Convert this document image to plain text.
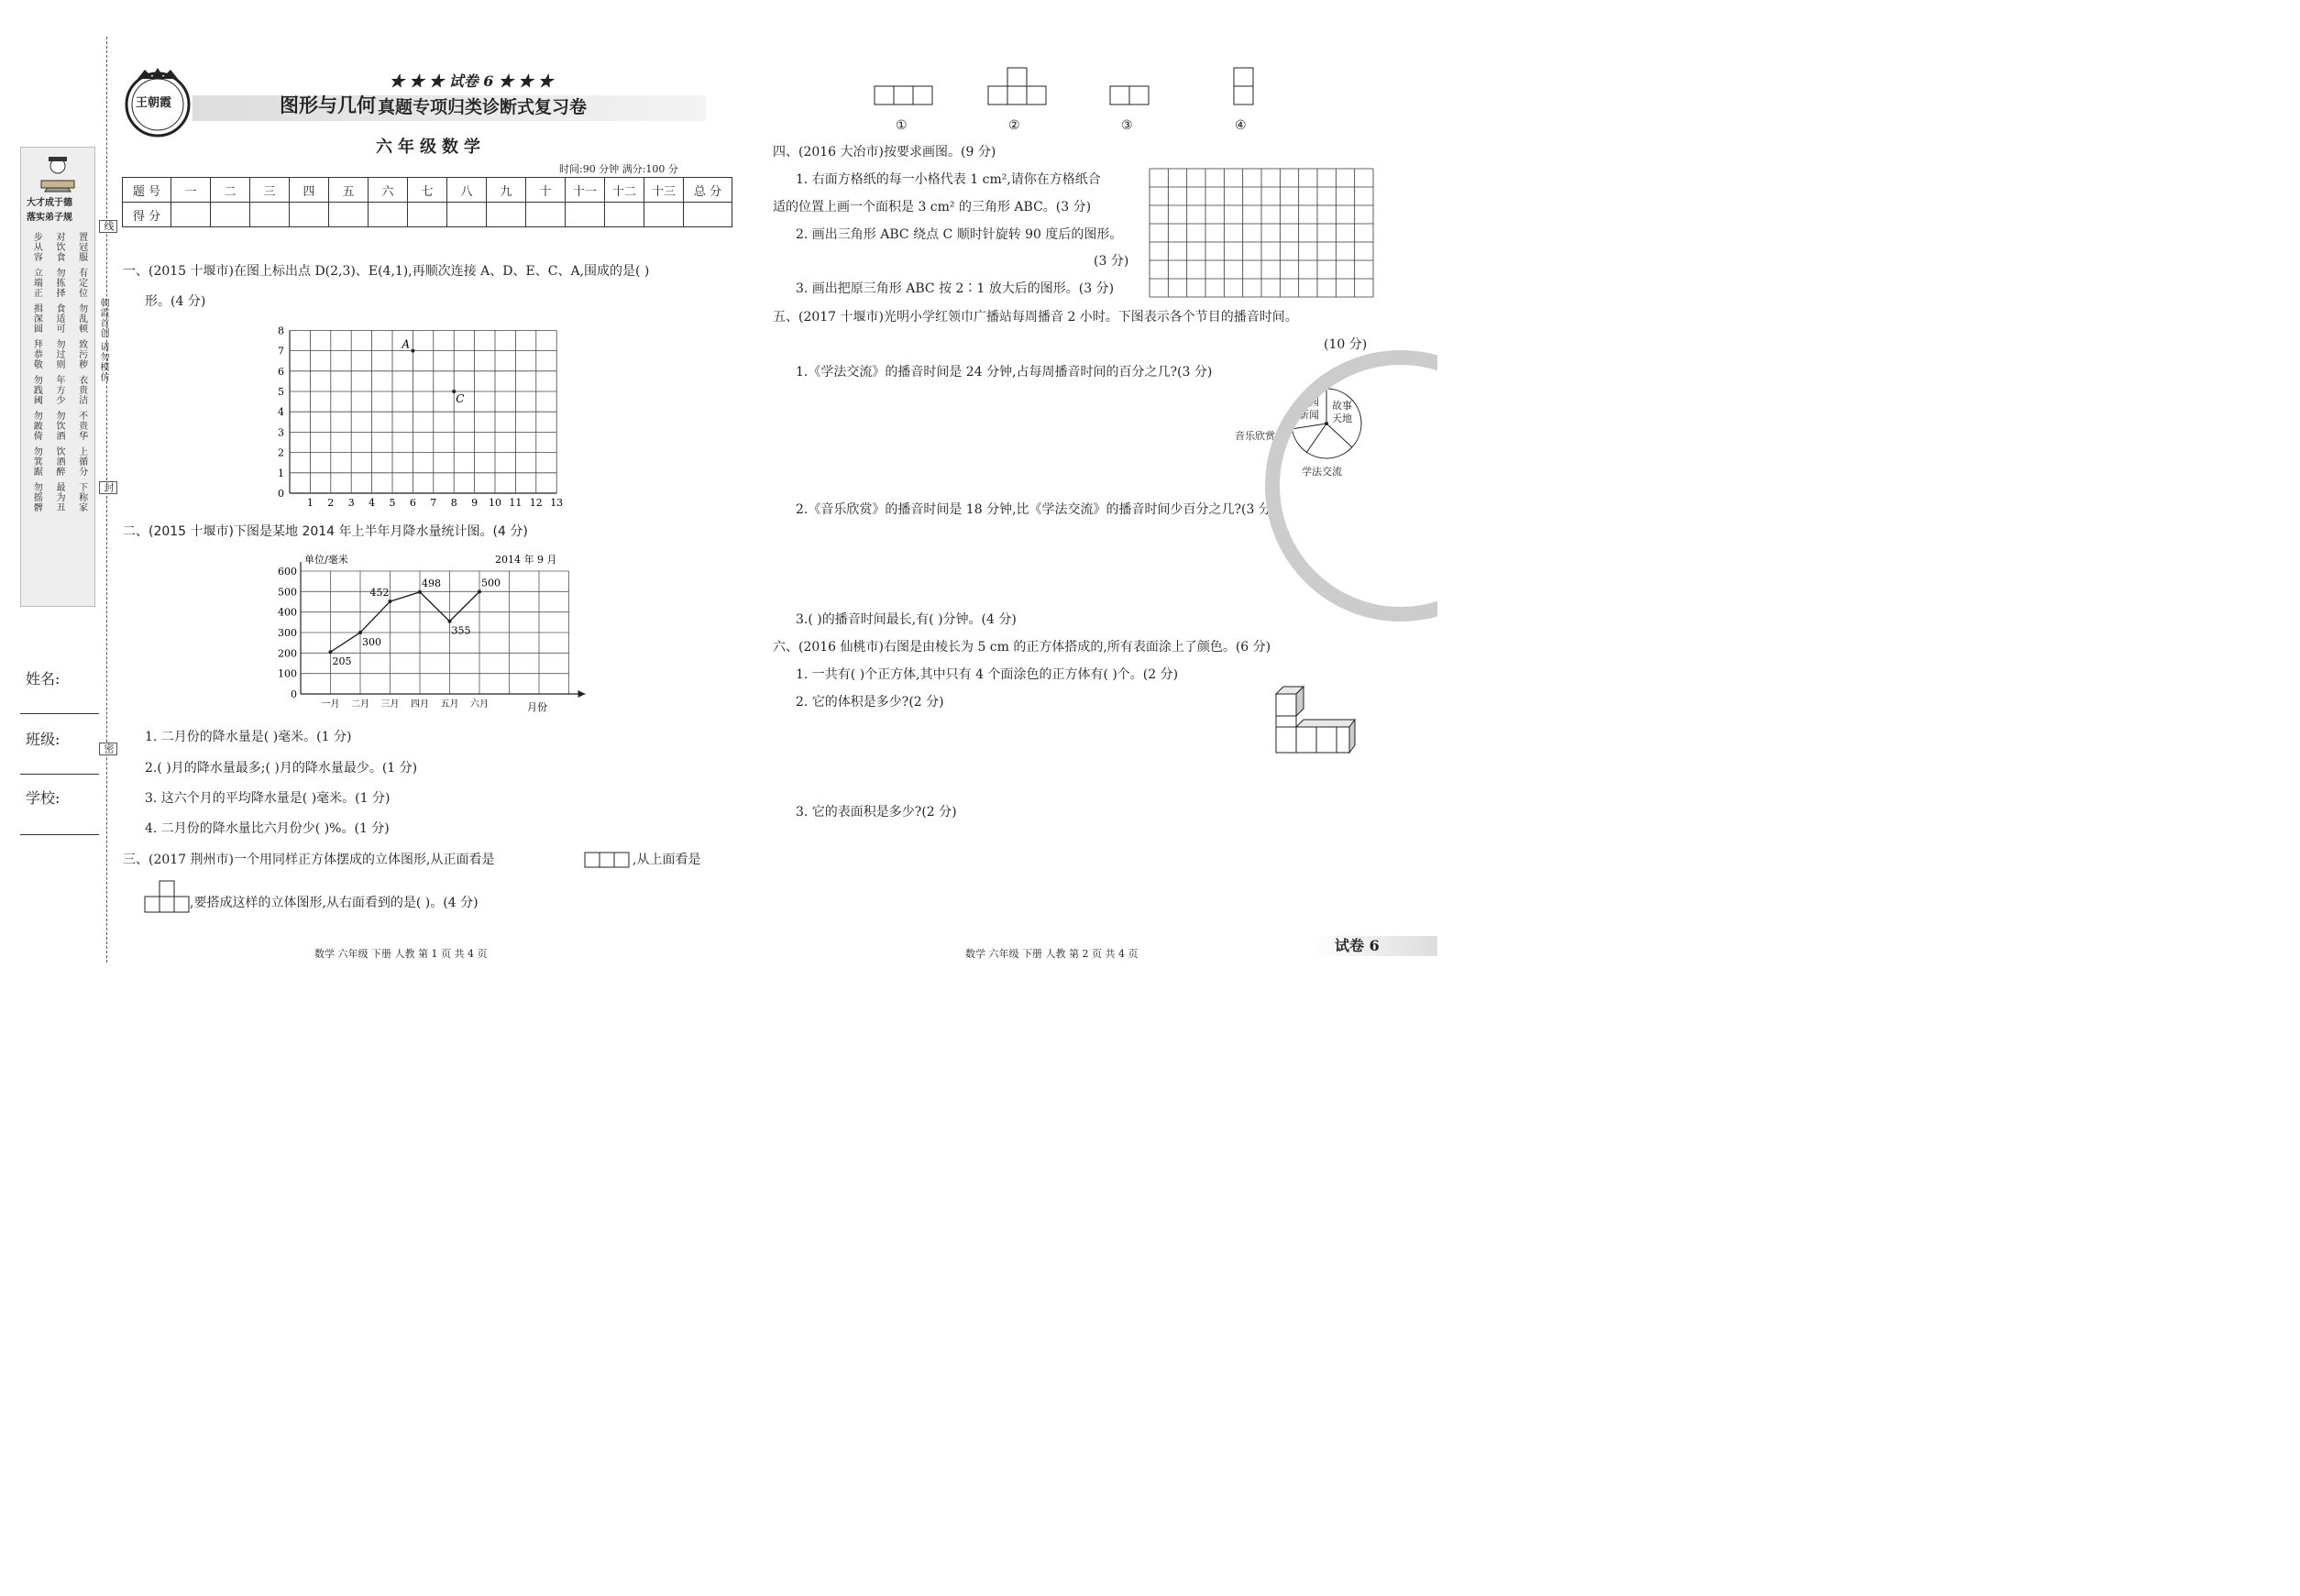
线
封
密
朝霞首创 请勿模仿
大才成于德
落实弟子规
步从容 对饮食 置冠服
立端正 勿拣择 有定位
揖深圆 食适可 勿乱顿
拜恭敬 勿过则 致污秽
勿践阈 年方少 衣贵洁
勿跛倚 勿饮酒 不贵华
勿箕踞 饮酒醉 上循分
勿摇髀 最为丑 下称家
姓名:
班级:
学校:
王朝霞
★ ★ ★ 试卷 6 ★ ★ ★
图形与几何 真题专项归类诊断式复习卷
六年级数学
时间:90 分钟 满分:100 分
题 号	一	二	三	四	五	六	七	八	九	十	十一	十二	十三	总 分
得 分														
一、(2015 十堰市)在图上标出点 D(2,3)、E(4,1),再顺次连接 A、D、E、C、A,围成的是( )
形。(4 分)
8
7
6
5
4
3
2
1
0
1 2 3 4 5 6 7 8 9 10 11 12 13
A
C
二、(2015 十堰市)下图是某地 2014 年上半年月降水量统计图。(4 分)
600
500
400
300
200
100
0
单位/毫米	2014 年 9 月
月份
一月
205
二月
300
三月
452
四月
498
五月
355
六月
500
1. 二月份的降水量是( )毫米。(1 分)
2.( )月的降水量最多;( )月的降水量最少。(1 分)
3. 这六个月的平均降水量是( )毫米。(1 分)
4. 二月份的降水量比六月份少( )%。(1 分)
三、(2017 荆州市)一个用同样正方体摆成的立体图形,从正面看是	,从上面看是
,要搭成这样的立体图形,从右面看到的是( )。(4 分)
①	②	③	④
四、(2016 大冶市)按要求画图。(9 分)
1. 右面方格纸的每一小格代表 1 cm²,请你在方格纸合
适的位置上画一个面积是 3 cm² 的三角形 ABC。(3 分)
2. 画出三角形 ABC 绕点 C 顺时针旋转 90 度后的图形。
(3 分)
3. 画出把原三角形 ABC 按 2∶1 放大后的图形。(3 分)
五、(2017 十堰市)光明小学红领巾广播站每周播音 2 小时。下图表示各个节目的播音时间。
(10 分)
1.《学法交流》的播音时间是 24 分钟,占每周播音时间的百分之几?(3 分)
校园新闻
故事天地
音乐欣赏
学法交流
2.《音乐欣赏》的播音时间是 18 分钟,比《学法交流》的播音时间少百分之几?(3 分)
3.( )的播音时间最长,有( )分钟。(4 分)
六、(2016 仙桃市)右图是由棱长为 5 cm 的正方体搭成的,所有表面涂上了颜色。(6 分)
1. 一共有( )个正方体,其中只有 4 个面涂色的正方体有( )个。(2 分)
2. 它的体积是多少?(2 分)
3. 它的表面积是多少?(2 分)
数学 六年级 下册 人教 第 1 页 共 4 页	数学 六年级 下册 人教 第 2 页 共 4 页	试卷 6
